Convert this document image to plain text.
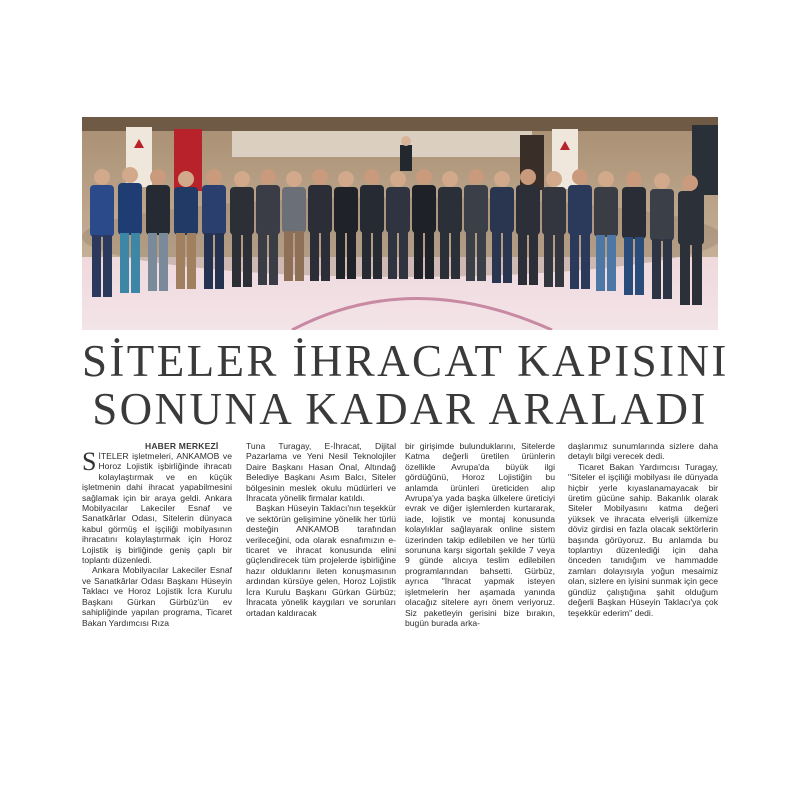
SİTELER İHRACAT KAPISINI
SONUNA KADAR ARALADI
HABER MERKEZİ

SİTELER işletmeleri, ANKAMOB ve Horoz Lojistik işbirliğinde ihracatı kolaylaştırmak ve en küçük işletmenin dahi ihracat yapabilmesini sağlamak için bir araya geldi. Ankara Mobilyacılar Lakeciler Esnaf ve Sanatkârlar Odası, Sitelerin dünyaca kabul görmüş el işçiliği mobilyasının ihracatını kolaylaştırmak için Horoz Lojistik iş birliğinde geniş çaplı bir toplantı düzenledi.

Ankara Mobilyacılar Lakeciler Esnaf ve Sanatkârlar Odası Başkanı Hüseyin Taklacı ve Horoz Lojistik İcra Kurulu Başkanı Gürkan Gürbüz'ün ev sahipliğinde yapılan programa, Ticaret Bakan Yardımcısı Rıza

Tuna Turagay, E-İhracat, Dijital Pazarlama ve Yeni Nesil Teknolojiler Daire Başkanı Hasan Önal, Altındağ Belediye Başkanı Asım Balcı, Siteler bölgesinin meslek okulu müdürleri ve İhracata yönelik firmalar katıldı.

Başkan Hüseyin Taklacı'nın teşekkür ve sektörün gelişimine yönelik her türlü desteğin ANKAMOB tarafından verileceğini, oda olarak esnafımızın e-ticaret ve ihracat konusunda elini güçlendirecek tüm projelerde işbirliğine hazır olduklarını ileten konuşmasının ardından kürsüye gelen, Horoz Lojistik İcra Kurulu Başkanı Gürkan Gürbüz; İhracata yönelik kaygıları ve sorunları ortadan kaldıracak

bir girişimde bulunduklarını, Sitelerde Katma değerli üretilen ürünlerin özellikle Avrupa'da büyük ilgi gördüğünü, Horoz Lojistiğin bu anlamda ürünleri üreticiden alıp Avrupa'ya yada başka ülkelere üreticiyi evrak ve diğer işlemlerden kurtararak, iade, lojistik ve montaj konusunda kolaylıklar sağlayarak online sistem üzerinden takip edilebilen ve her türlü sorununa karşı sigortalı şekilde 7 veya 9 günde alıcıya teslim edilebilen programlarından bahsetti. Gürbüz, ayrıca "İhracat yapmak isteyen işletmelerin her aşamada yanında olacağız sitelere ayrı önem veriyoruz. Siz paketleyin gerisini bize bırakın, bugün burada arka-

daşlarımız sunumlarında sizlere daha detaylı bilgi verecek dedi.

Ticaret Bakan Yardımcısı Turagay, "Siteler el işçiliği mobilyası ile dünyada hiçbir yerle kıyaslanamayacak bir üretim gücüne sahip. Bakanlık olarak Siteler Mobilyasını katma değeri yüksek ve ihracata elverişli ülkemize döviz girdisi en fazla olacak sektörlerin başında görüyoruz. Bu anlamda bu toplantıyı düzenlediği için daha önceden tanıdığım ve hammadde zamları dolayısıyla yoğun mesaimiz olan, sizlere en iyisini sunmak için gece gündüz çalıştığına şahit olduğum değerli Başkan Hüseyin Taklacı'ya çok teşekkür ederim" dedi.
